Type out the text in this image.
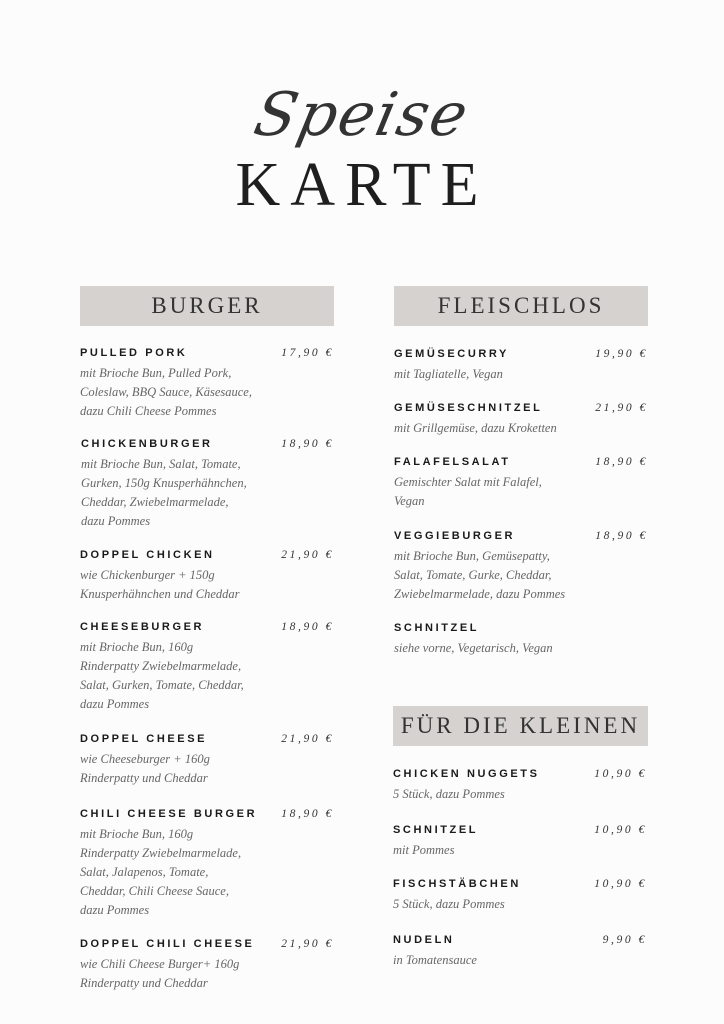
Speise
KARTE
BURGER	FLEISCHLOS
FÜR DIE KLEINEN
PULLED PORK	17,90 €
mit Brioche Bun, Pulled Pork,
Coleslaw, BBQ Sauce, Käsesauce,
dazu Chili Cheese Pommes
CHICKENBURGER	18,90 €
mit Brioche Bun, Salat, Tomate,
Gurken, 150g Knusperhähnchen,
Cheddar, Zwiebelmarmelade,
dazu Pommes
DOPPEL CHICKEN	21,90 €
wie Chickenburger + 150g
Knusperhähnchen und Cheddar
CHEESEBURGER	18,90 €
mit Brioche Bun, 160g
Rinderpatty Zwiebelmarmelade,
Salat, Gurken, Tomate, Cheddar,
dazu Pommes
DOPPEL CHEESE	21,90 €
wie Cheeseburger + 160g
Rinderpatty und Cheddar
CHILI CHEESE BURGER	18,90 €
mit Brioche Bun, 160g
Rinderpatty Zwiebelmarmelade,
Salat, Jalapenos, Tomate,
Cheddar, Chili Cheese Sauce,
dazu Pommes
DOPPEL CHILI CHEESE	21,90 €
wie Chili Cheese Burger+ 160g
Rinderpatty und Cheddar
GEMÜSECURRY	19,90 €
mit Tagliatelle, Vegan
GEMÜSESCHNITZEL	21,90 €
mit Grillgemüse, dazu Kroketten
FALAFELSALAT	18,90 €
Gemischter Salat mit Falafel,
Vegan
VEGGIEBURGER	18,90 €
mit Brioche Bun, Gemüsepatty,
Salat, Tomate, Gurke, Cheddar,
Zwiebelmarmelade, dazu Pommes
SCHNITZEL
siehe vorne, Vegetarisch, Vegan
CHICKEN NUGGETS	10,90 €
5 Stück, dazu Pommes
SCHNITZEL	10,90 €
mit Pommes
FISCHSTÄBCHEN	10,90 €
5 Stück, dazu Pommes
NUDELN	9,90 €
in Tomatensauce
